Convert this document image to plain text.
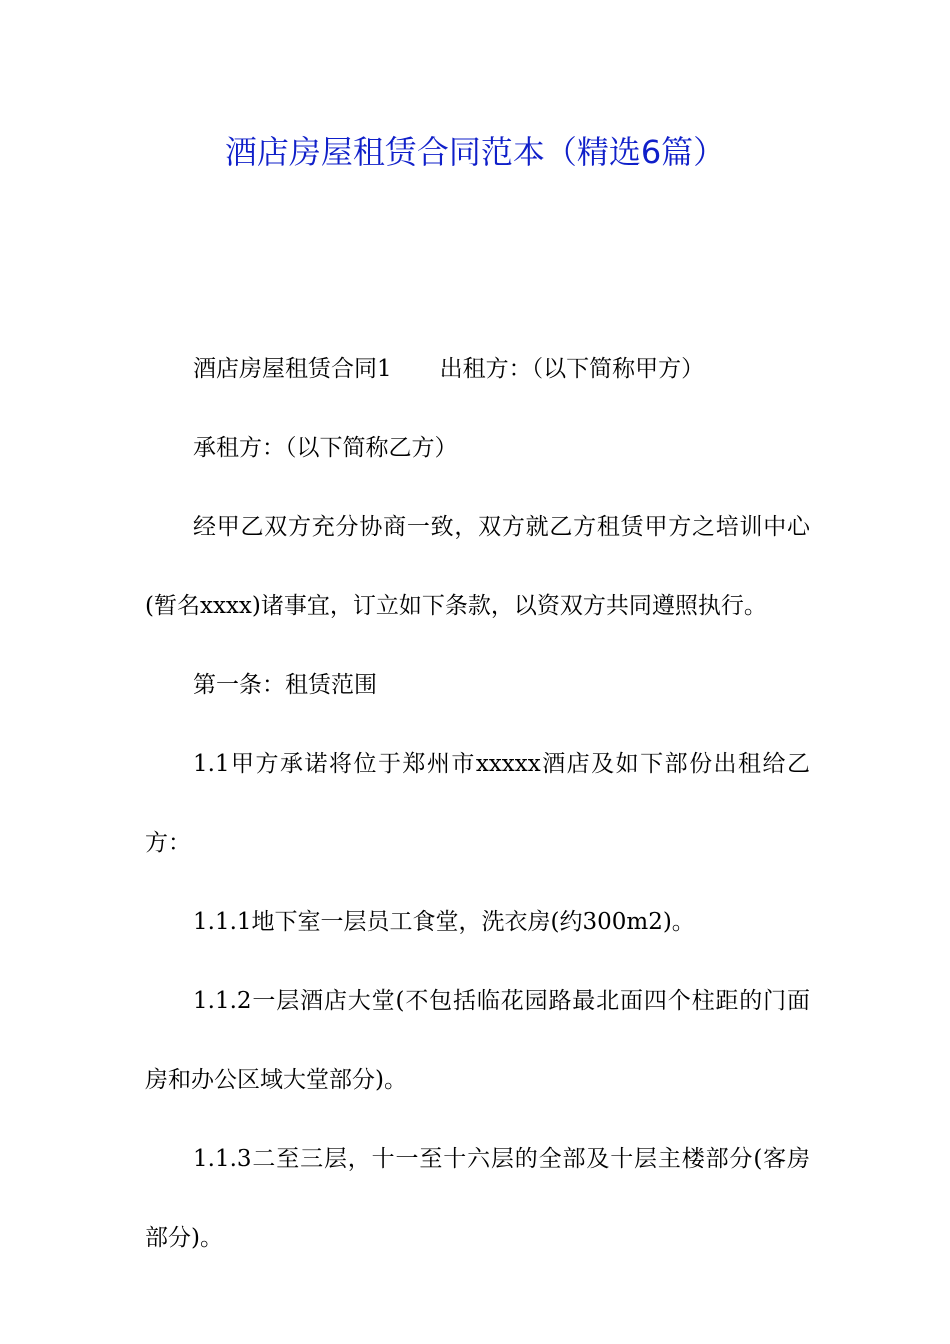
酒店房屋租赁合同范本（精选6篇）

酒店房屋租赁合同1 出租方：（以下简称甲方）

承租方：（以下简称乙方）

经甲乙双方充分协商一致，双方就乙方租赁甲方之培训中心(暂名xxxx)诸事宜，订立如下条款，以资双方共同遵照执行。

第一条：租赁范围

1.1甲方承诺将位于郑州市xxxxx酒店及如下部份出租给乙方：

1.1.1地下室一层员工食堂，洗衣房(约300m2)。

1.1.2一层酒店大堂(不包括临花园路最北面四个柱距的门面房和办公区域大堂部分)。

1.1.3二至三层，十一至十六层的全部及十层主楼部分(客房部分)。
